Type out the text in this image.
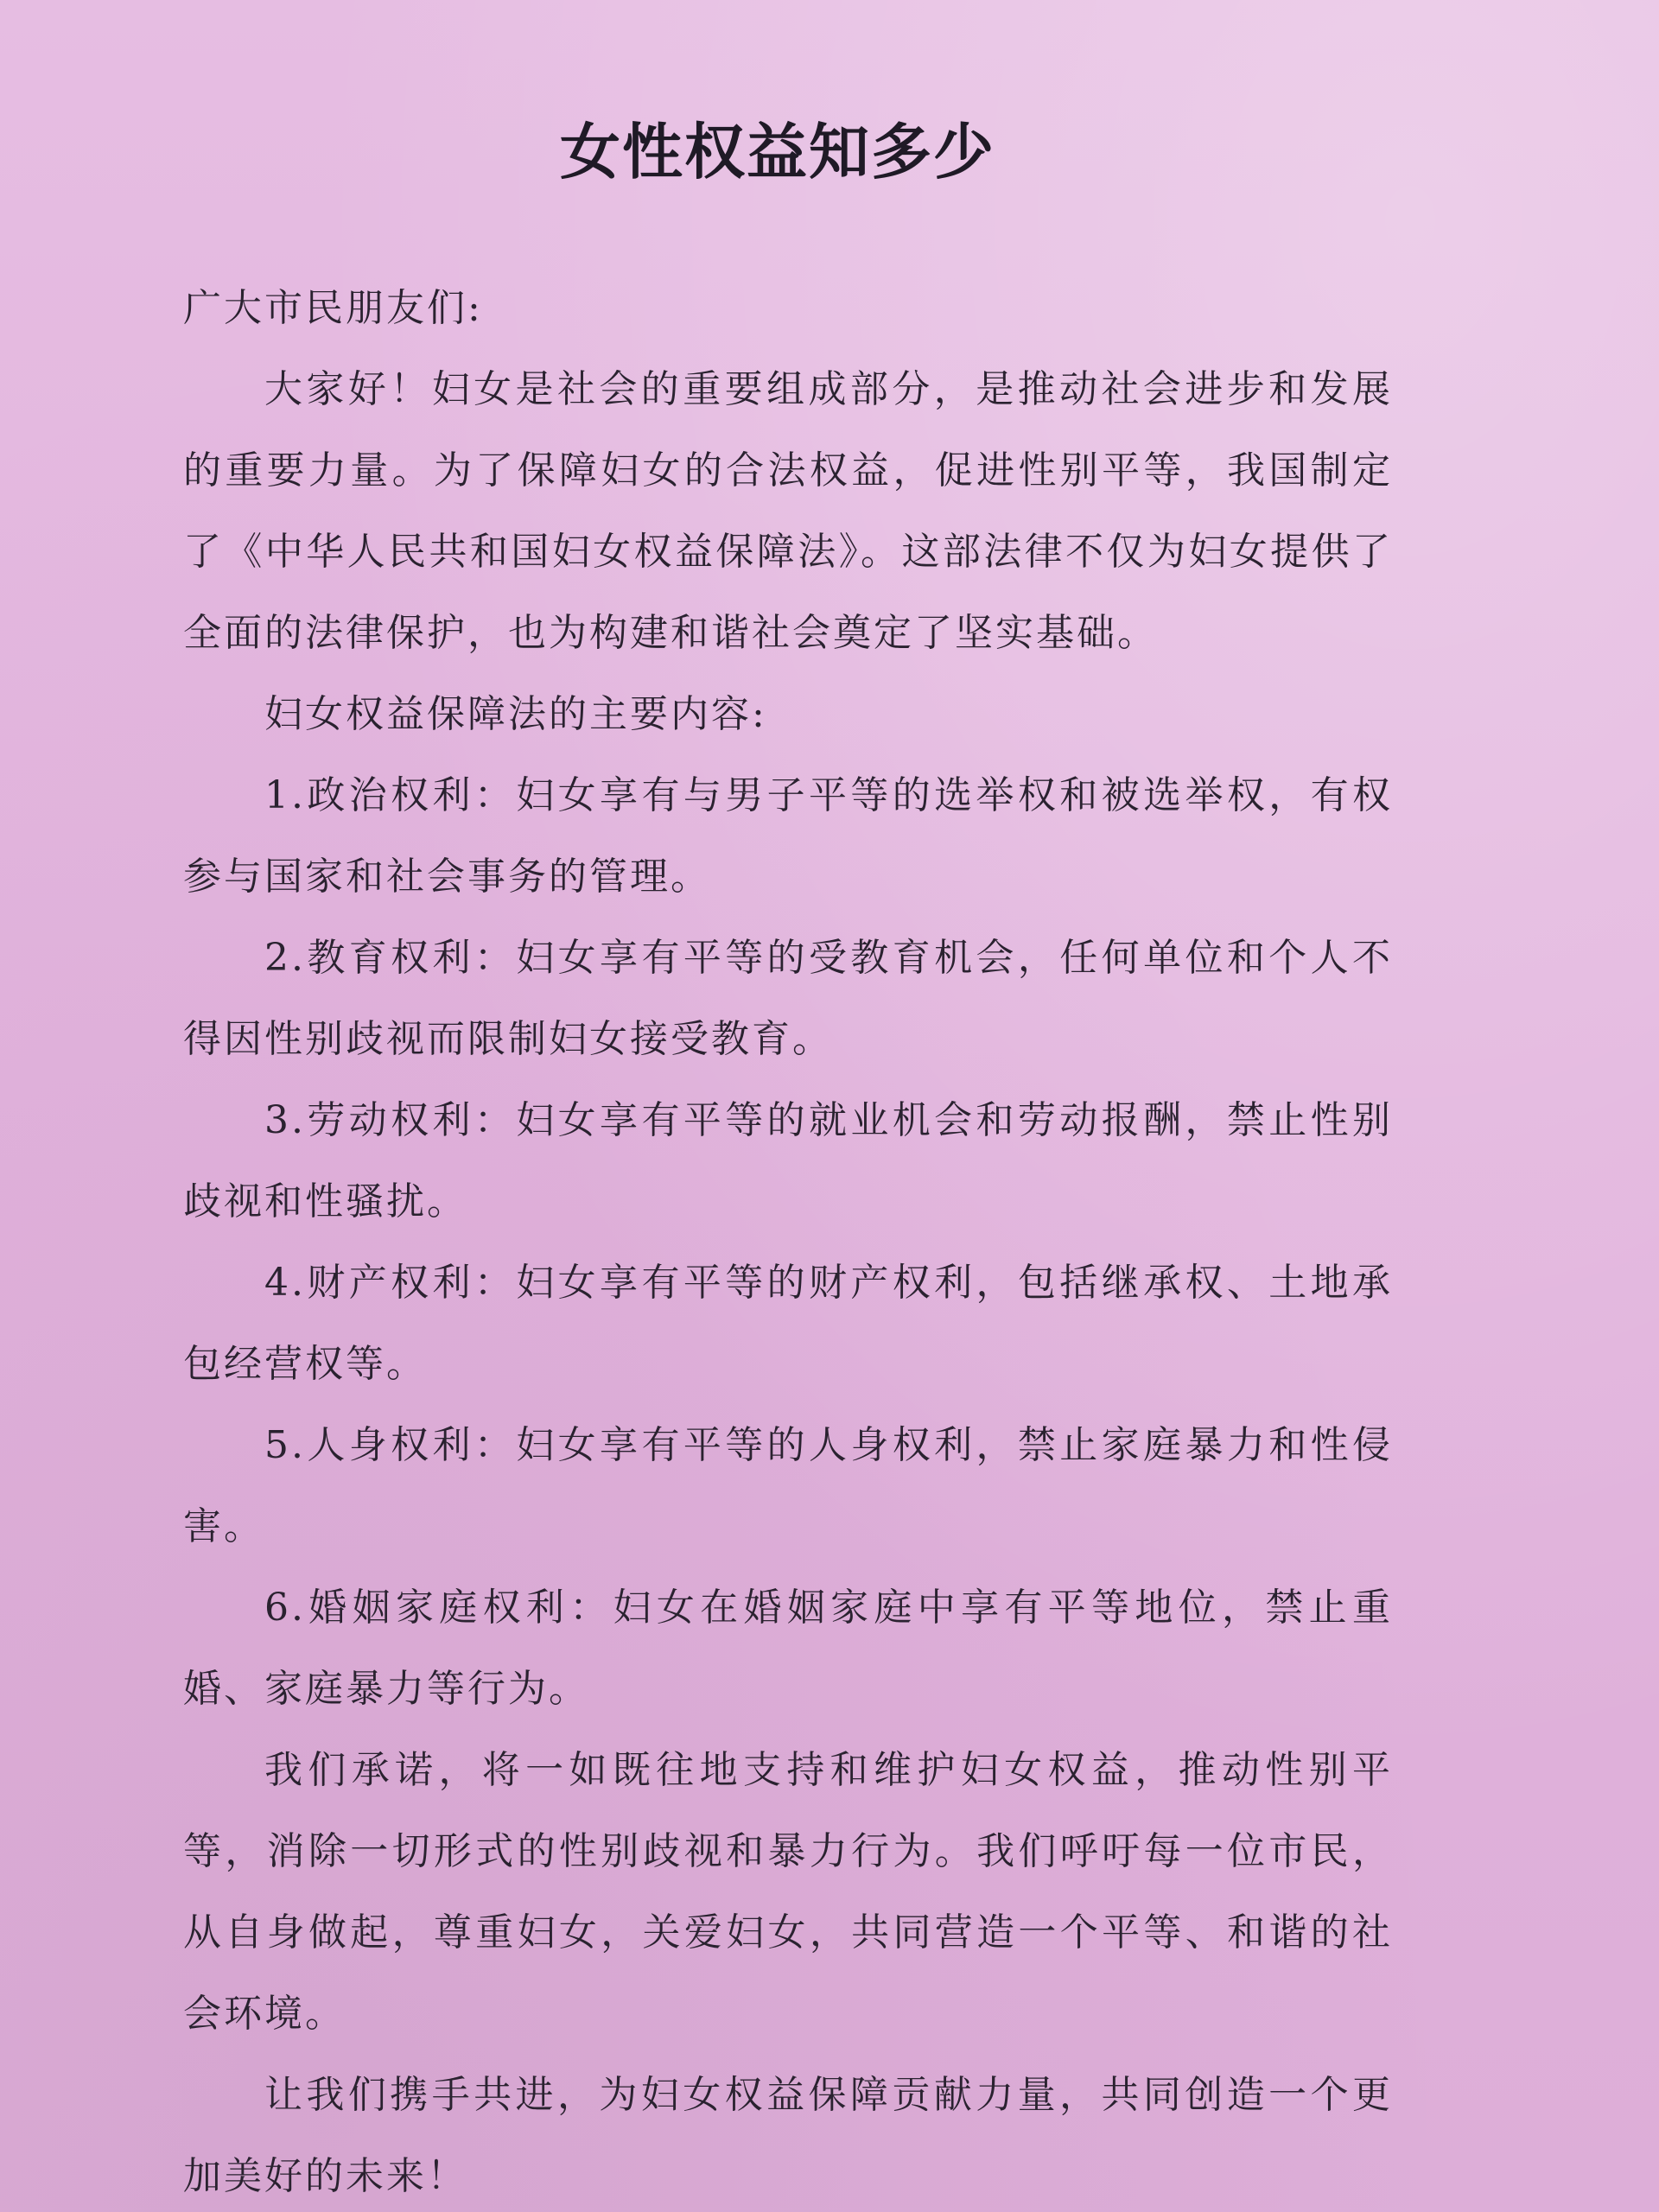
女性权益知多少

广大市民朋友们:

大家好！妇女是社会的重要组成部分，是推动社会进步和发展的重要力量。为了保障妇女的合法权益，促进性别平等，我国制定了《中华人民共和国妇女权益保障法》。这部法律不仅为妇女提供了全面的法律保护，也为构建和谐社会奠定了坚实基础。

妇女权益保障法的主要内容:

1.政治权利：妇女享有与男子平等的选举权和被选举权，有权参与国家和社会事务的管理。

2.教育权利：妇女享有平等的受教育机会，任何单位和个人不得因性别歧视而限制妇女接受教育。

3.劳动权利：妇女享有平等的就业机会和劳动报酬，禁止性别歧视和性骚扰。

4.财产权利：妇女享有平等的财产权利，包括继承权、土地承包经营权等。

5.人身权利：妇女享有平等的人身权利，禁止家庭暴力和性侵害。

6.婚姻家庭权利：妇女在婚姻家庭中享有平等地位，禁止重婚、家庭暴力等行为。

我们承诺，将一如既往地支持和维护妇女权益，推动性别平等，消除一切形式的性别歧视和暴力行为。我们呼吁每一位市民，从自身做起，尊重妇女，关爱妇女，共同营造一个平等、和谐的社会环境。

让我们携手共进，为妇女权益保障贡献力量，共同创造一个更加美好的未来！
